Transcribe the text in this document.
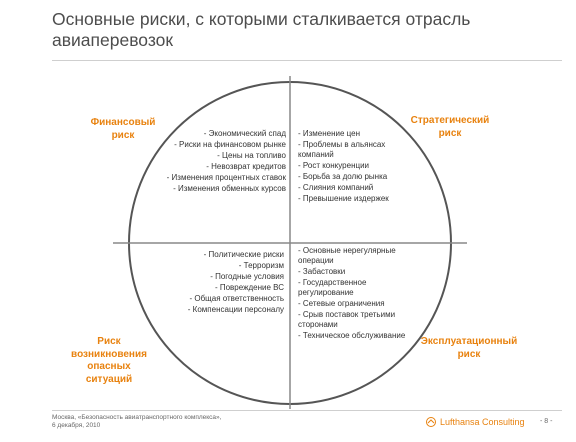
Основные риски, с которыми сталкивается отрасль авиаперевозок
- Экономический спад
- Риски на финансовом рынке
- Цены на топливо
- Невозврат кредитов
- Изменения процентных ставок
- Изменения обменных курсов
- Изменение цен
- Проблемы в альянсах компаний
- Рост конкуренции
- Борьба за долю рынка
- Слияния компаний
- Превышение издержек
- Политические риски
- Терроризм
- Погодные условия
- Повреждение ВС
- Общая ответственность
- Компенсации персоналу
- Основные нерегулярные операции
- Забастовки
- Государственное регулирование
- Сетевые ограничения
- Срыв поставок третьими сторонами
- Техническое обслуживание
Финансовый риск
Стратегический риск
Риск возникновения опасных ситуаций
Эксплуатационный риск
Москва, «Безопасность авиатранспортного комплекса»,
6 декабря, 2010	Lufthansa Consulting - 8 -
